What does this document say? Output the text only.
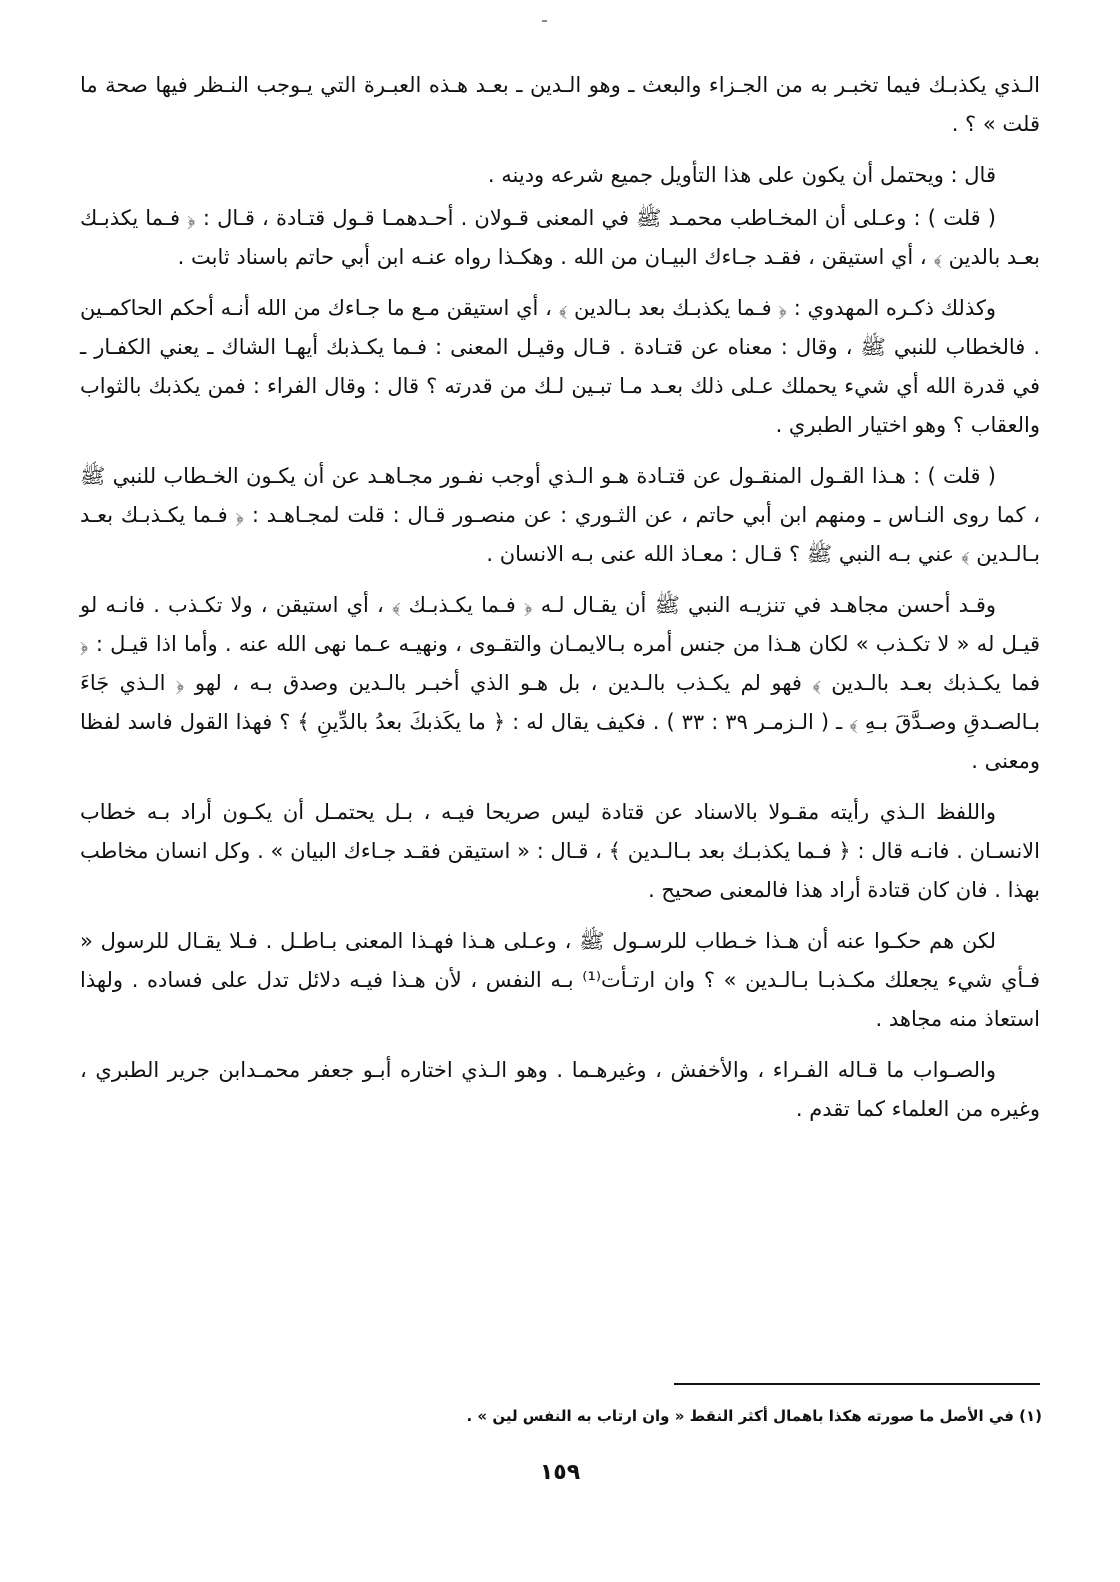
الـذي يكذبـك فيما تخبـر به من الجـزاء والبعث ـ وهو الـدين ـ بعـد هـذه العبـرة التي يـوجب النـظر فيها صحة ما قلت » ؟ .

قال : ويحتمل أن يكون على هذا التأويل جميع شرعه ودينه .

( قلت ) : وعـلى أن المخـاطب محمـد ﷺ في المعنى قـولان . أحـدهمـا قـول قتـادة ، قـال : ﴿ فـما يكذبـك بعـد بالدين ﴾ ، أي استيقن ، فقـد جـاءك البيـان من الله . وهكـذا رواه عنـه ابن أبي حاتم باسناد ثابت .

وكذلك ذكـره المهدوي : ﴿ فـما يكذبـك بعد بـالدين ﴾ ، أي استيقن مـع ما جـاءك من الله أنـه أحكم الحاكمـين . فالخطاب للنبي ﷺ ، وقال : معناه عن قتـادة . قـال وقيـل المعنى : فـما يكـذبك أيهـا الشاك ـ يعني الكفـار ـ في قدرة الله أي شيء يحملك عـلى ذلك بعـد مـا تبـين لـك من قدرته ؟ قال : وقال الفراء : فمن يكذبك بالثواب والعقاب ؟ وهو اختيار الطبري .

( قلت ) : هـذا القـول المنقـول عن قتـادة هـو الـذي أوجب نفـور مجـاهـد عن أن يكـون الخـطاب للنبي ﷺ ، كما روى النـاس ـ ومنهم ابن أبي حاتم ، عن الثـوري : عن منصـور قـال : قلت لمجـاهـد : ﴿ فـما يكـذبـك بعـد بـالـدين ﴾ عني بـه النبي ﷺ ؟ قـال : معـاذ الله عنى بـه الانسان .

وقـد أحسن مجاهـد في تنزيـه النبي ﷺ أن يقـال لـه ﴿ فـما يكـذبـك ﴾ ، أي استيقن ، ولا تكـذب . فانـه لو قيـل له « لا تكـذب » لكان هـذا من جنس أمره بـالايمـان والتقـوى ، ونهيـه عـما نهى الله عنه . وأما اذا قيـل : ﴿ فما يكـذبك بعـد بالـدين ﴾ فهو لم يكـذب بالـدين ، بل هـو الذي أخبـر بالـدين وصدق بـه ، لهو ﴿ الـذي جَاءَ بـالصـدقِ وصـدَّقَ بـهِ ﴾ ـ ( الـزمـر ٣٩ : ٣٣ ) . فكيف يقال له : ﴿ ما يكَذبكَ بعدُ بالدِّينِ ﴾ ؟ فهذا القول فاسد لفظا ومعنى .

واللفظ الـذي رأيته مقـولا بالاسناد عن قتادة ليس صريحا فيـه ، بـل يحتمـل أن يكـون أراد بـه خطاب الانسـان . فانـه قال : ﴿ فـما يكذبـك بعد بـالـدين ﴾ ، قـال : « استيقن فقـد جـاءك البيان » . وكل انسان مخاطب بهذا . فان كان قتادة أراد هذا فالمعنى صحيح .

لكن هم حكـوا عنه أن هـذا خـطاب للرسـول ﷺ ، وعـلى هـذا فهـذا المعنى بـاطـل . فـلا يقـال للرسول « فـأي شيء يجعلك مكـذبـا بـالـدين » ؟ وان ارتـأت⁽¹⁾ بـه النفس ، لأن هـذا فيـه دلائل تدل على فساده . ولهذا استعاذ منه مجاهد .

والصـواب ما قـاله الفـراء ، والأخفش ، وغيرهـما . وهو الـذي اختاره أبـو جعفر محمـدابن جرير الطبري ، وغيره من العلماء كما تقدم .

(١) في الأصل ما صورته هكذا باهمال أكثر النقط « وان ارتاب به النفس لين » .
١٥٩
